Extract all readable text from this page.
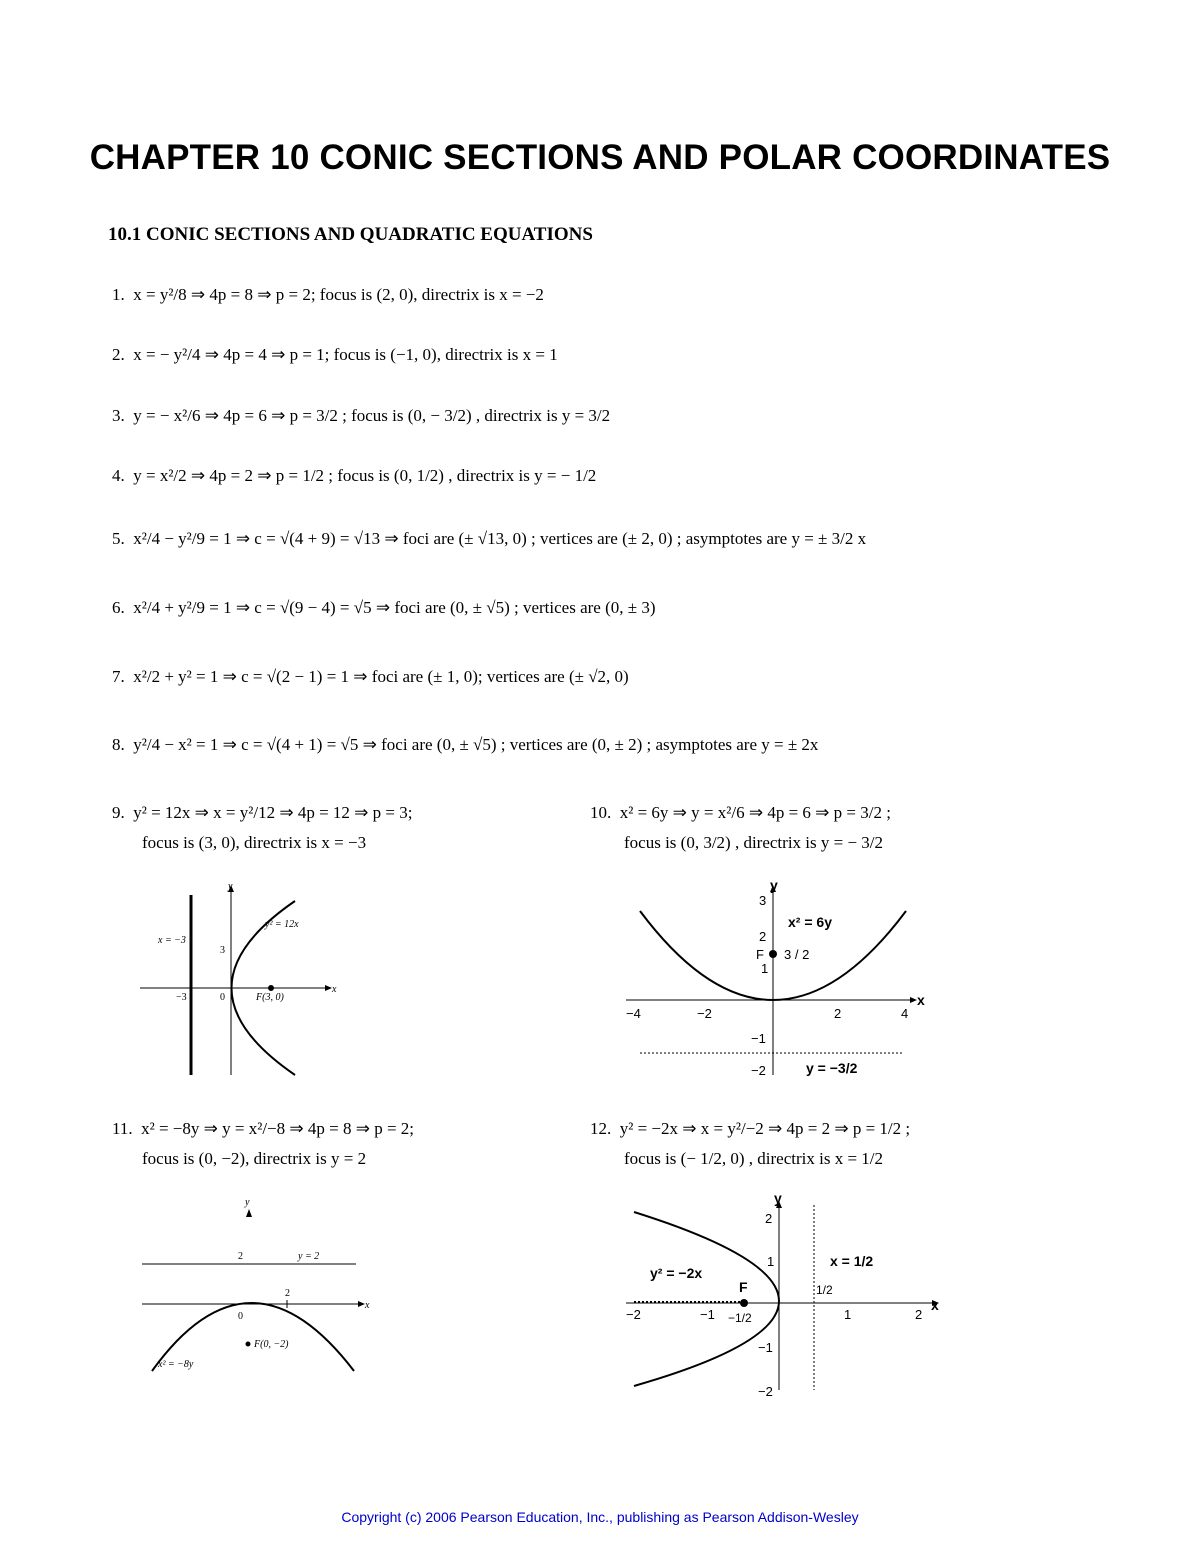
CHAPTER 10 CONIC SECTIONS AND POLAR COORDINATES
10.1 CONIC SECTIONS AND QUADRATIC EQUATIONS
1. x = y²/8 ⇒ 4p = 8 ⇒ p = 2; focus is (2, 0), directrix is x = −2
2. x = − y²/4 ⇒ 4p = 4 ⇒ p = 1; focus is (−1, 0), directrix is x = 1
3. y = − x²/6 ⇒ 4p = 6 ⇒ p = 3/2 ; focus is (0, − 3/2) , directrix is y = 3/2
4. y = x²/2 ⇒ 4p = 2 ⇒ p = 1/2 ; focus is (0, 1/2) , directrix is y = − 1/2
5. x²/4 − y²/9 = 1 ⇒ c = √(4 + 9) = √13 ⇒ foci are (± √13, 0) ; vertices are (± 2, 0) ; asymptotes are y = ± 3/2 x
6. x²/4 + y²/9 = 1 ⇒ c = √(9 − 4) = √5 ⇒ foci are (0, ± √5) ; vertices are (0, ± 3)
7. x²/2 + y² = 1 ⇒ c = √(2 − 1) = 1 ⇒ foci are (± 1, 0); vertices are (± √2, 0)
8. y²/4 − x² = 1 ⇒ c = √(4 + 1) = √5 ⇒ foci are (0, ± √5) ; vertices are (0, ± 2) ; asymptotes are y = ± 2x
9. y² = 12x ⇒ x = y²/12 ⇒ 4p = 12 ⇒ p = 3;
focus is (3, 0), directrix is x = −3
10. x² = 6y ⇒ y = x²/6 ⇒ 4p = 6 ⇒ p = 3/2 ;
focus is (0, 3/2) , directrix is y = − 3/2
11. x² = −8y ⇒ y = x²/−8 ⇒ 4p = 8 ⇒ p = 2;
focus is (0, −2), directrix is y = 2
12. y² = −2x ⇒ x = y²/−2 ⇒ 4p = 2 ⇒ p = 1/2 ;
focus is (− 1/2, 0) , directrix is x = 1/2
y
x
y² = 12x
x = −3
3
−3	0	F(3, 0)
y
x
x² = 6y
y = −3/2
F 3 / 2
3
2
1
−1
−2
−4	−2	2	4
y
x
2	y = 2
2
0
F(0, −2)
x² = −8y
y
x
y² = −2x
x = 1/2
F
−1/2
1/2
2
1
−1
−2
−2	−1	1	2
Copyright (c) 2006 Pearson Education, Inc., publishing as Pearson Addison-Wesley
